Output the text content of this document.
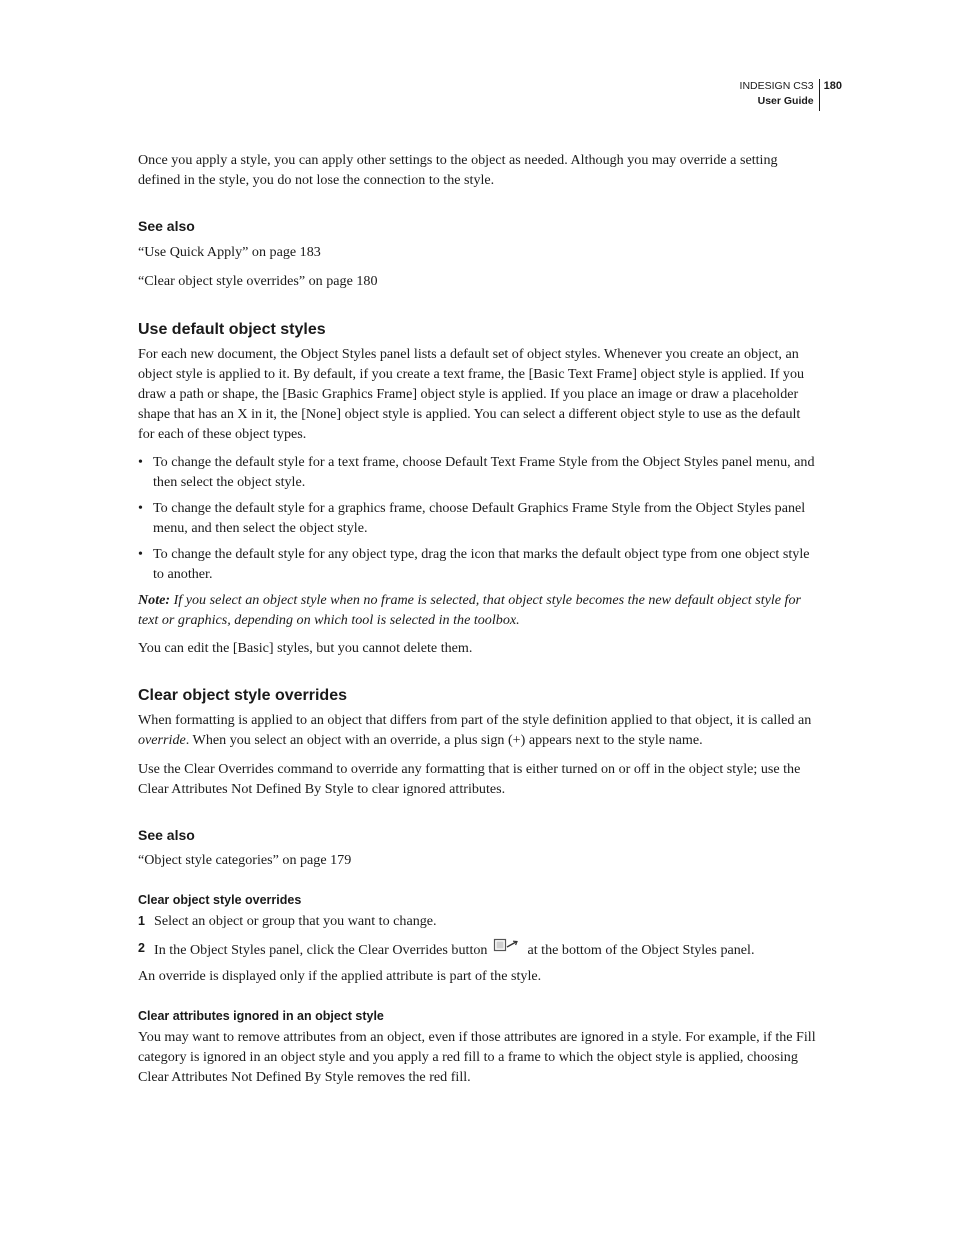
INDESIGN CS3
User Guide
180

Once you apply a style, you can apply other settings to the object as needed. Although you may override a setting defined in the style, you do not lose the connection to the style.

See also

“Use Quick Apply” on page 183

“Clear object style overrides” on page 180

Use default object styles

For each new document, the Object Styles panel lists a default set of object styles. Whenever you create an object, an object style is applied to it. By default, if you create a text frame, the [Basic Text Frame] object style is applied. If you draw a path or shape, the [Basic Graphics Frame] object style is applied. If you place an image or draw a placeholder shape that has an X in it, the [None] object style is applied. You can select a different object style to use as the default for each of these object types.

• To change the default style for a text frame, choose Default Text Frame Style from the Object Styles panel menu, and then select the object style.
• To change the default style for a graphics frame, choose Default Graphics Frame Style from the Object Styles panel menu, and then select the object style.
• To change the default style for any object type, drag the icon that marks the default object type from one object style to another.

Note: If you select an object style when no frame is selected, that object style becomes the new default object style for text or graphics, depending on which tool is selected in the toolbox.

You can edit the [Basic] styles, but you cannot delete them.

Clear object style overrides

When formatting is applied to an object that differs from part of the style definition applied to that object, it is called an override. When you select an object with an override, a plus sign (+) appears next to the style name.

Use the Clear Overrides command to override any formatting that is either turned on or off in the object style; use the Clear Attributes Not Defined By Style to clear ignored attributes.

See also

“Object style categories” on page 179

Clear object style overrides
1 Select an object or group that you want to change.
2 In the Object Styles panel, click the Clear Overrides button	at the bottom of the Object Styles panel.

An override is displayed only if the applied attribute is part of the style.

Clear attributes ignored in an object style

You may want to remove attributes from an object, even if those attributes are ignored in a style. For example, if the Fill category is ignored in an object style and you apply a red fill to a frame to which the object style is applied, choosing Clear Attributes Not Defined By Style removes the red fill.
